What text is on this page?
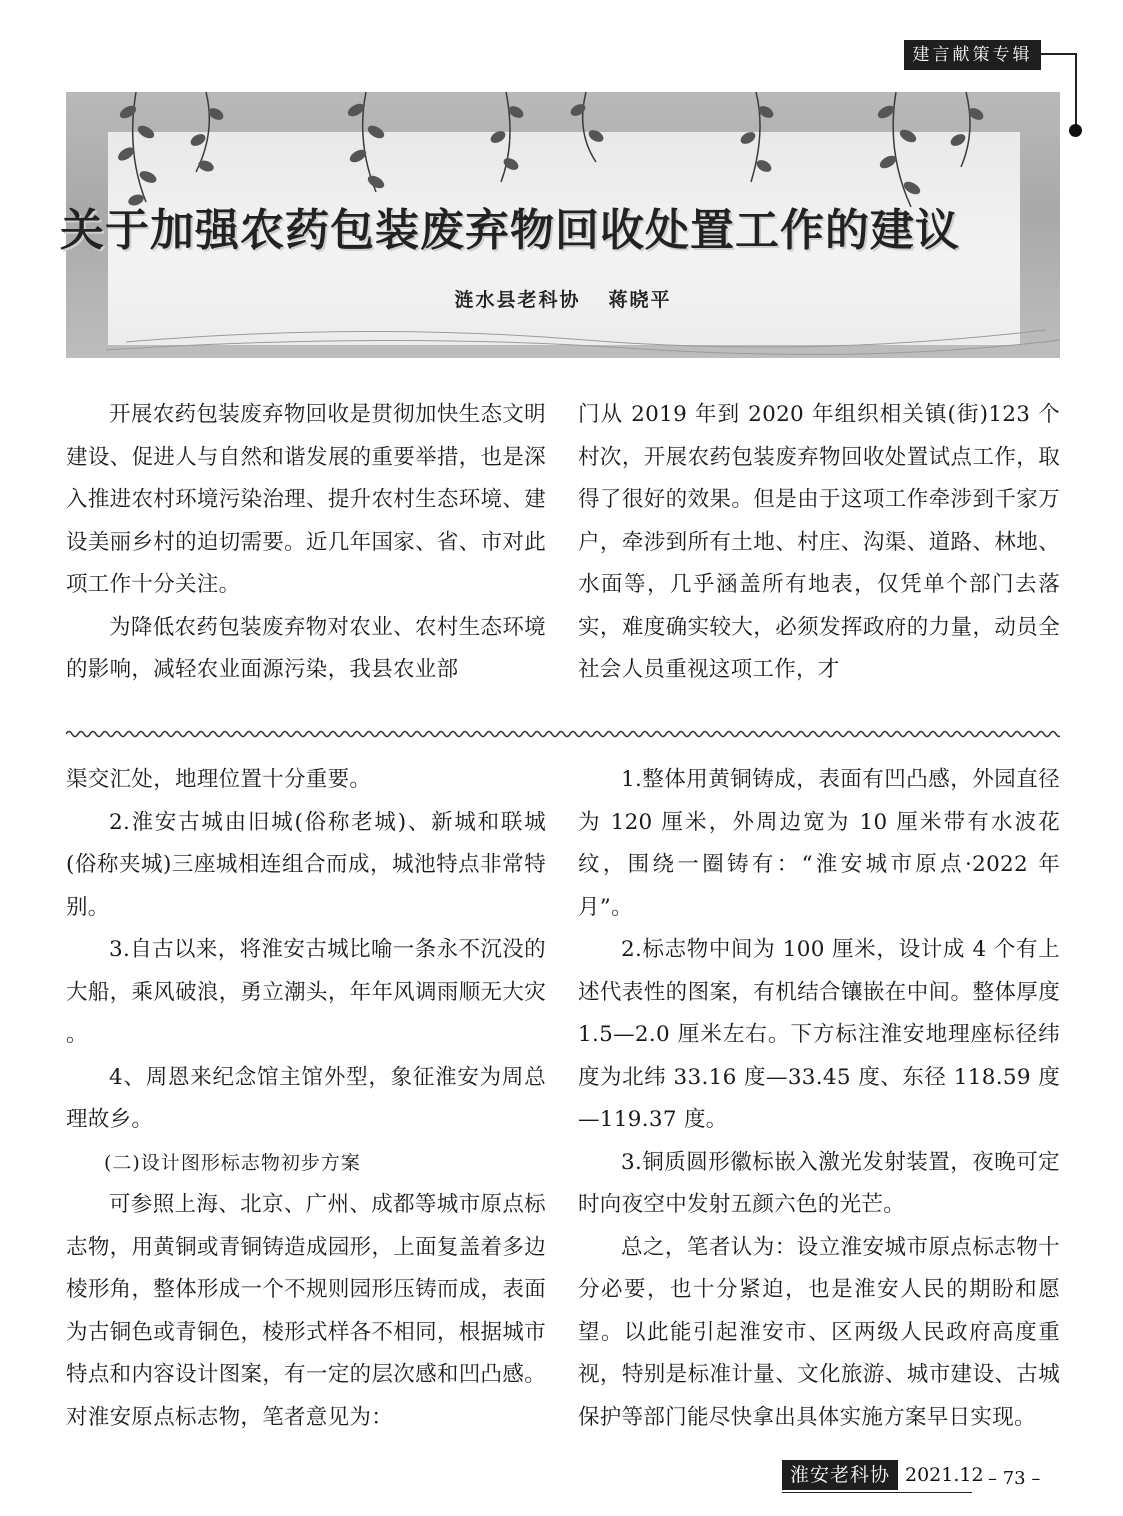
建言献策专辑
关于加强农药包装废弃物回收处置工作的建议
涟水县老科协 蒋晓平

开展农药包装废弃物回收是贯彻加快生态文明建设、促进人与自然和谐发展的重要举措，也是深入推进农村环境污染治理、提升农村生态环境、建设美丽乡村的迫切需要。近几年国家、省、市对此项工作十分关注。

为降低农药包装废弃物对农业、农村生态环境的影响，减轻农业面源污染，我县农业部

门从 2019 年到 2020 年组织相关镇(街)123 个村次，开展农药包装废弃物回收处置试点工作，取得了很好的效果。但是由于这项工作牵涉到千家万户，牵涉到所有土地、村庄、沟渠、道路、林地、水面等，几乎涵盖所有地表，仅凭单个部门去落实，难度确实较大，必须发挥政府的力量，动员全社会人员重视这项工作，才

渠交汇处，地理位置十分重要。

2.淮安古城由旧城(俗称老城)、新城和联城(俗称夹城)三座城相连组合而成，城池特点非常特别。

3.自古以来，将淮安古城比喻一条永不沉没的大船，乘风破浪，勇立潮头，年年风调雨顺无大灾 。

4、周恩来纪念馆主馆外型，象征淮安为周总理故乡。

(二)设计图形标志物初步方案

可参照上海、北京、广州、成都等城市原点标志物，用黄铜或青铜铸造成园形，上面复盖着多边棱形角，整体形成一个不规则园形压铸而成，表面为古铜色或青铜色，棱形式样各不相同，根据城市特点和内容设计图案，有一定的层次感和凹凸感。对淮安原点标志物，笔者意见为：

1.整体用黄铜铸成，表面有凹凸感，外园直径为 120 厘米，外周边宽为 10 厘米带有水波花纹，围绕一圈铸有：“淮安城市原点·2022 年月”。

2.标志物中间为 100 厘米，设计成 4 个有上述代表性的图案，有机结合镶嵌在中间。整体厚度 1.5—2.0 厘米左右。下方标注淮安地理座标径纬度为北纬 33.16 度—33.45 度、东径 118.59 度—119.37 度。

3.铜质圆形徽标嵌入激光发射装置，夜晚可定时向夜空中发射五颜六色的光芒。

总之，笔者认为：设立淮安城市原点标志物十分必要，也十分紧迫，也是淮安人民的期盼和愿望。以此能引起淮安市、区两级人民政府高度重视，特别是标准计量、文化旅游、城市建设、古城保护等部门能尽快拿出具体实施方案早日实现。

淮安老科协 2021.12 – 73 –
